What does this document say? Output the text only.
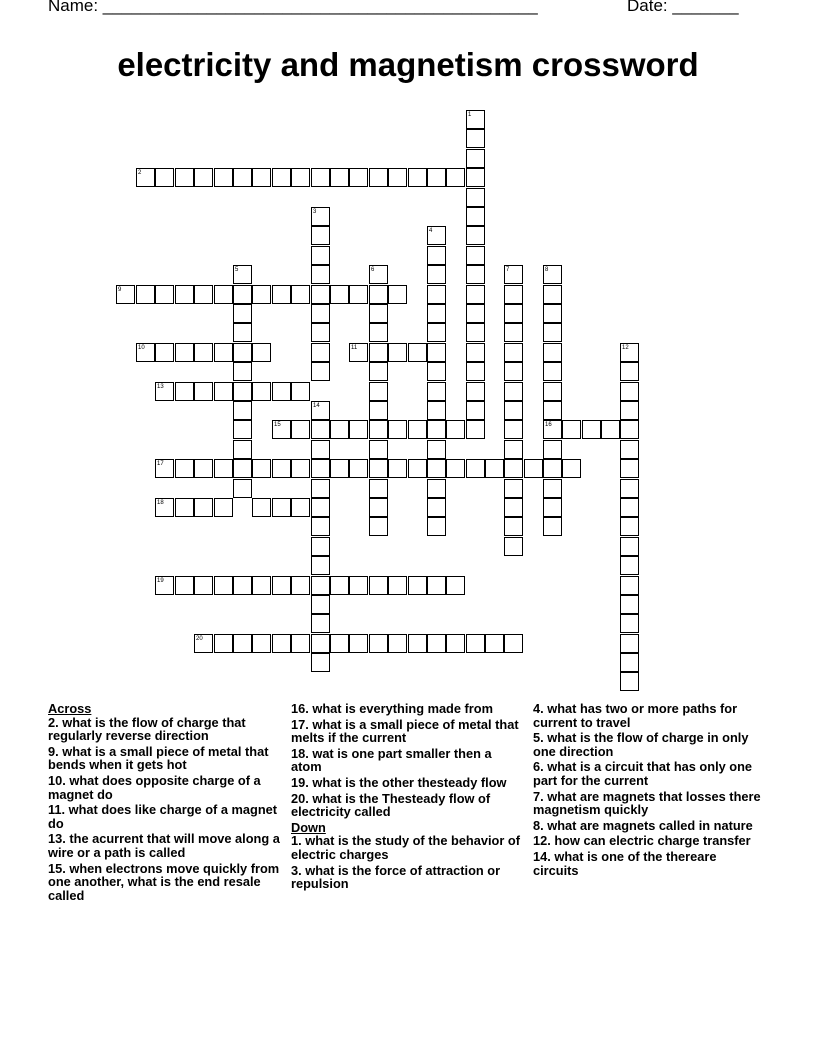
Name: ______________________________________________	Date: _______
electricity and magnetism crossword
1
2
3
4
5	6	7	8
9
10	11	12
13
14
15	16
17
18
19
20
Across
2. what is the flow of charge that regularly reverse direction
9. what is a small piece of metal that bends when it gets hot
10. what does opposite charge of a magnet do
11. what does like charge of a magnet do
13. the acurrent that will move along a wire or a path is called
15. when electrons move quickly from one another, what is the end resale called
16. what is everything made from
17. what is a small piece of metal that melts if the current
18. wat is one part smaller then a atom
19. what is the other thesteady flow
20. what is the Thesteady flow of electricity called
Down
1. what is the study of the behavior of electric charges
3. what is the force of attraction or repulsion
4. what has two or more paths for current to travel
5. what is the flow of charge in only one direction
6. what is a circuit that has only one part for the current
7. what are magnets that losses there magnetism quickly
8. what are magnets called in nature
12. how can electric charge transfer
14. what is one of the thereare circuits
